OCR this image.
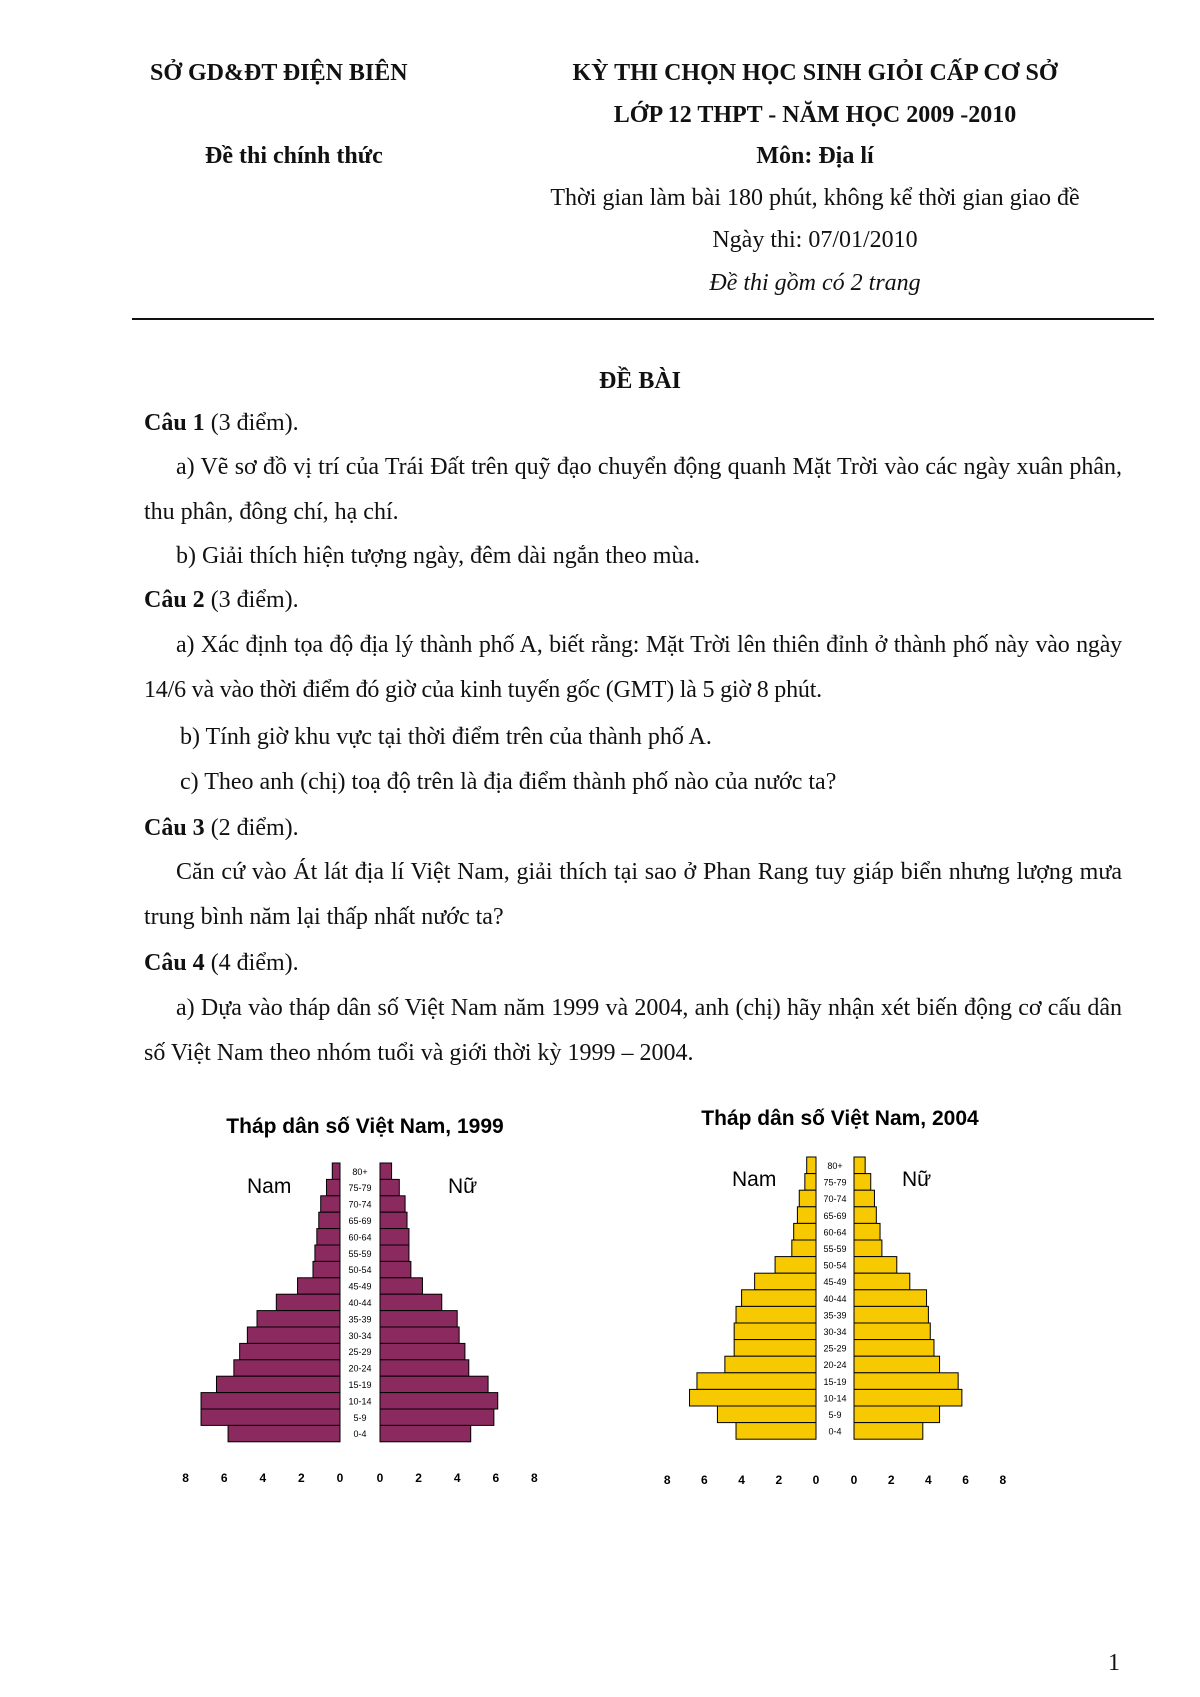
SỞ GD&ĐT ĐIỆN BIÊN
Đề thi chính thức
KỲ THI CHỌN HỌC SINH GIỎI CẤP CƠ SỞ
LỚP 12 THPT - NĂM HỌC 2009 -2010
Môn: Địa lí
Thời gian làm bài 180 phút, không kể thời gian giao đề
Ngày thi: 07/01/2010
Đề thi gồm có 2 trang
ĐỀ BÀI
Câu 1 (3 điểm).
a) Vẽ sơ đồ vị trí của Trái Đất trên quỹ đạo chuyển động quanh Mặt Trời vào các ngày xuân phân, thu phân, đông chí, hạ chí.
b) Giải thích hiện tượng ngày, đêm dài ngắn theo mùa.
Câu 2 (3 điểm).
a) Xác định tọa độ địa lý thành phố A, biết rằng: Mặt Trời lên thiên đỉnh ở thành phố này vào ngày 14/6 và vào thời điểm đó giờ của kinh tuyến gốc (GMT) là 5 giờ 8 phút.
b) Tính giờ khu vực tại thời điểm trên của thành phố A.
c) Theo anh (chị) toạ độ trên là địa điểm thành phố nào của nước ta?
Câu 3 (2 điểm).
Căn cứ vào Át lát địa lí Việt Nam, giải thích tại sao ở Phan Rang tuy giáp biển nhưng lượng mưa trung bình năm lại thấp nhất nước ta?
Câu 4 (4 điểm).
a) Dựa vào tháp dân số Việt Nam năm 1999 và 2004, anh (chị) hãy nhận xét biến động cơ cấu dân số Việt Nam theo nhóm tuổi và giới thời kỳ 1999 – 2004.
Tháp dân số Việt Nam, 1999
Nam	Nữ
80+
75-79
70-74
65-69
60-64
55-59
50-54
45-49
40-44
35-39
30-34
25-29
20-24
15-19
10-14
5-9
0-4
8	8
6	6
4	4
2	2
0	0
Tháp dân số Việt Nam, 2004
Nam	Nữ
80+
75-79
70-74
65-69
60-64
55-59
50-54
45-49
40-44
35-39
30-34
25-29
20-24
15-19
10-14
5-9
0-4
8	8
6	6
4	4
2	2
0	0
1
